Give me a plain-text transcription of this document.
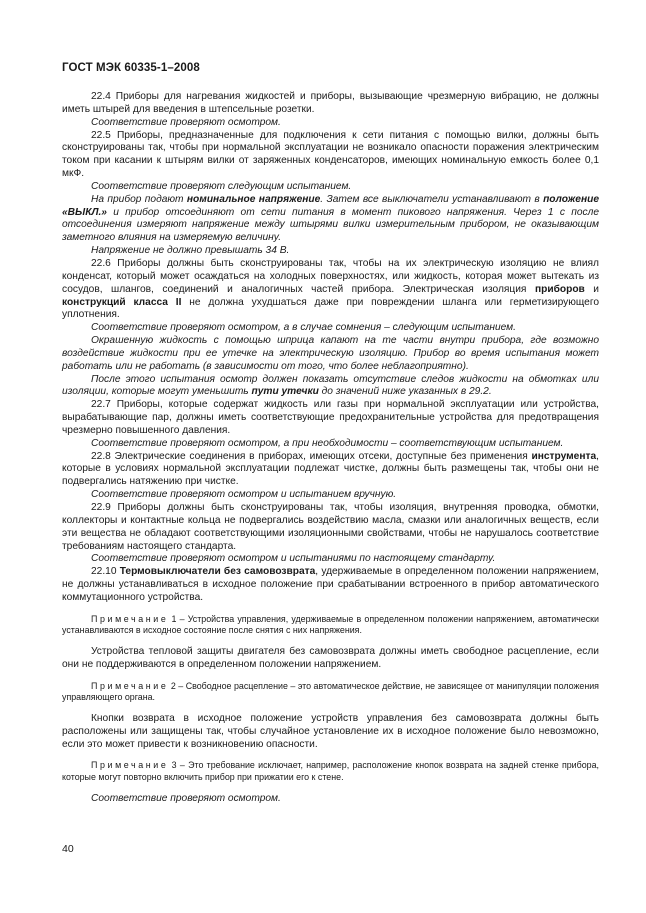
ГОСТ МЭК 60335-1–2008

22.4 Приборы для нагревания жидкостей и приборы, вызывающие чрезмерную вибрацию, не должны иметь штырей для введения в штепсельные розетки.

Соответствие проверяют осмотром.

22.5 Приборы, предназначенные для подключения к сети питания с помощью вилки, должны быть сконструированы так, чтобы при нормальной эксплуатации не возникало опасности поражения электрическим током при касании к штырям вилки от заряженных конденсаторов, имеющих номинальную емкость более 0,1 мкФ.

Соответствие проверяют следующим испытанием.

На прибор подают номинальное напряжение. Затем все выключатели устанавливают в положение «ВЫКЛ.» и прибор отсоединяют от сети питания в момент пикового напряжения. Через 1 с после отсоединения измеряют напряжение между штырями вилки измерительным прибором, не оказывающим заметного влияния на измеряемую величину.

Напряжение не должно превышать 34 В.

22.6 Приборы должны быть сконструированы так, чтобы на их электрическую изоляцию не влиял конденсат, который может осаждаться на холодных поверхностях, или жидкость, которая может вытекать из сосудов, шлангов, соединений и аналогичных частей прибора. Электрическая изоляция приборов и конструкций класса II не должна ухудшаться даже при повреждении шланга или герметизирующего уплотнения.

Соответствие проверяют осмотром, а в случае сомнения – следующим испытанием.

Окрашенную жидкость с помощью шприца капают на те части внутри прибора, где возможно воздействие жидкости при ее утечке на электрическую изоляцию. Прибор во время испытания может работать или не работать (в зависимости от того, что более неблагоприятно).

После этого испытания осмотр должен показать отсутствие следов жидкости на обмотках или изоляции, которые могут уменьшить пути утечки до значений ниже указанных в 29.2.

22.7 Приборы, которые содержат жидкость или газы при нормальной эксплуатации или устройства, вырабатывающие пар, должны иметь соответствующие предохранительные устройства для предотвращения чрезмерно повышенного давления.

Соответствие проверяют осмотром, а при необходимости – соответствующим испытанием.

22.8 Электрические соединения в приборах, имеющих отсеки, доступные без применения инструмента, которые в условиях нормальной эксплуатации подлежат чистке, должны быть размещены так, чтобы они не подвергались натяжению при чистке.

Соответствие проверяют осмотром и испытанием вручную.

22.9 Приборы должны быть сконструированы так, чтобы изоляция, внутренняя проводка, обмотки, коллекторы и контактные кольца не подвергались воздействию масла, смазки или аналогичных веществ, если эти вещества не обладают соответствующими изоляционными свойствами, чтобы не нарушалось соответствие требованиям настоящего стандарта.

Соответствие проверяют осмотром и испытаниями по настоящему стандарту.

22.10 Термовыключатели без самовозврата, удерживаемые в определенном положении напряжением, не должны устанавливаться в исходное положение при срабатывании встроенного в прибор автоматического коммутационного устройства.

Примечание 1 – Устройства управления, удерживаемые в определенном положении напряжением, автоматически устанавливаются в исходное состояние после снятия с них напряжения.

Устройства тепловой защиты двигателя без самовозврата должны иметь свободное расцепление, если они не поддерживаются в определенном положении напряжением.

Примечание 2 – Свободное расцепление – это автоматическое действие, не зависящее от манипуляции положения управляющего органа.

Кнопки возврата в исходное положение устройств управления без самовозврата должны быть расположены или защищены так, чтобы случайное установление их в исходное положение было невозможно, если это может привести к возникновению опасности.

Примечание 3 – Это требование исключает, например, расположение кнопок возврата на задней стенке прибора, которые могут повторно включить прибор при прижатии его к стене.

Соответствие проверяют осмотром.

40
